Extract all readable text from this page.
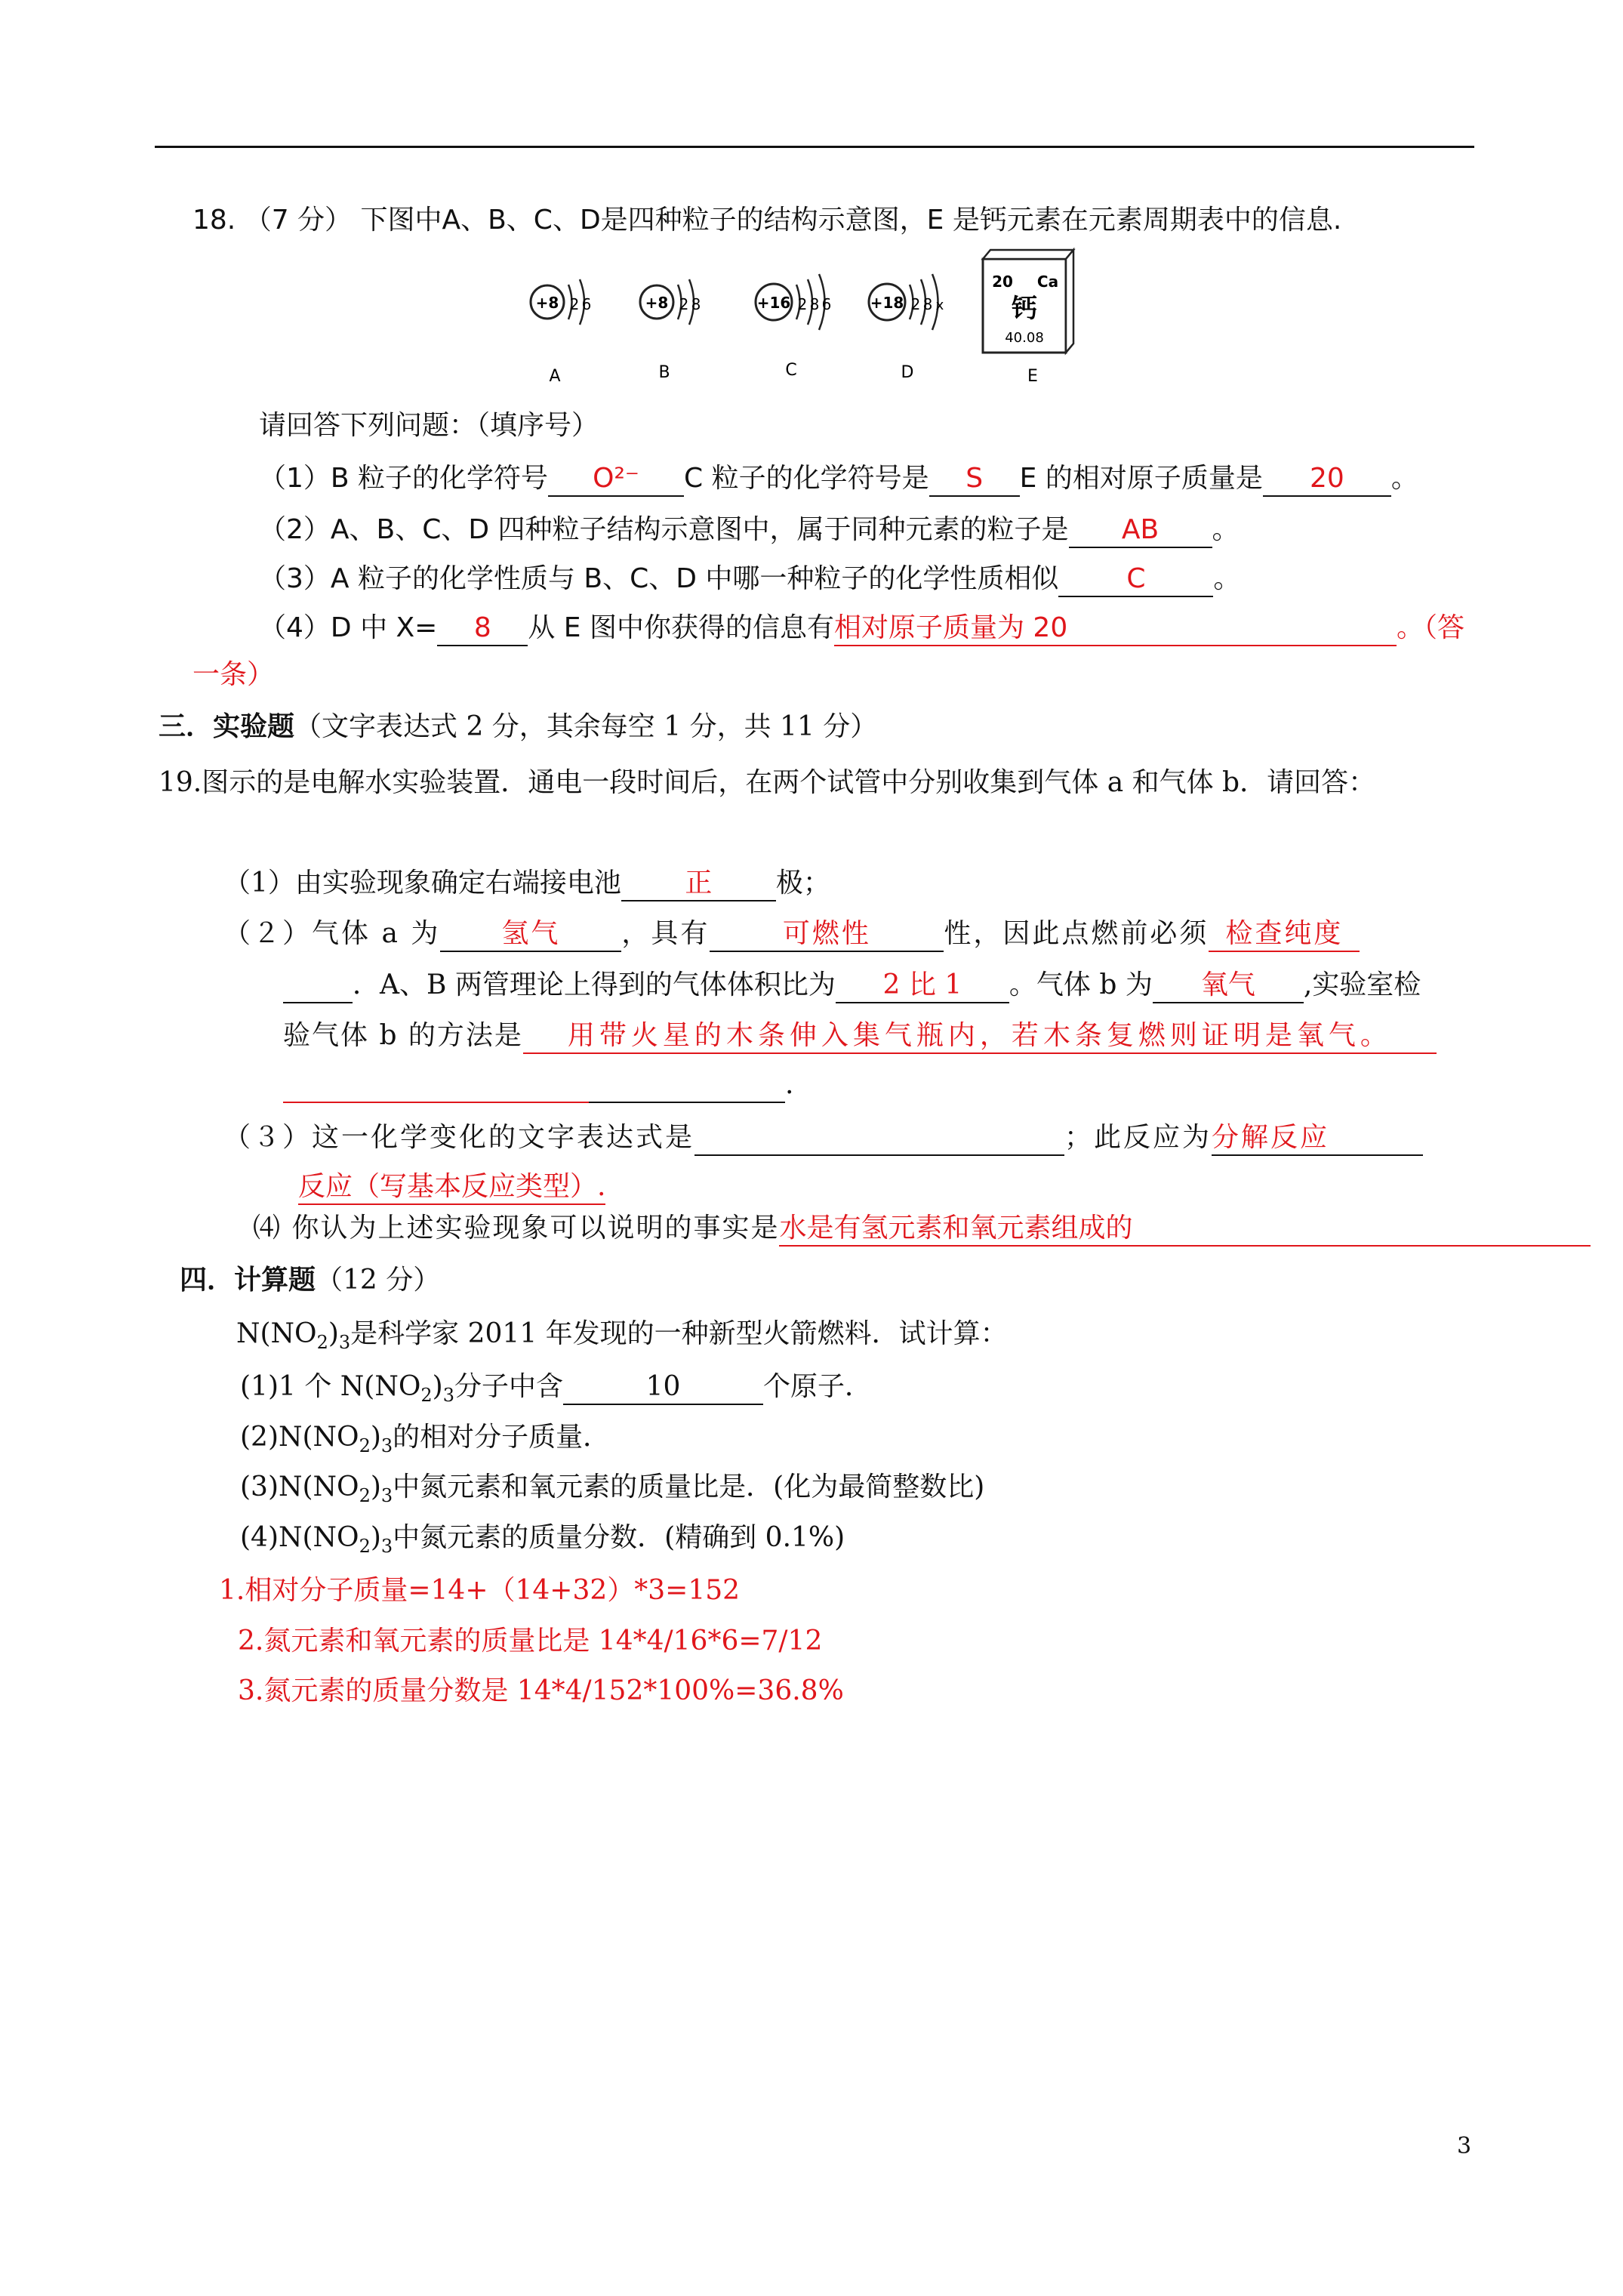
18. （7 分） 下图中A、B、C、D是四种粒子的结构示意图，E 是钙元素在元素周期表中的信息.
+8 2 6
A
+8 2 8
B
+16 2 8 6
C
+18 2 8 x
D
20 Ca
钙
40.08
E
请回答下列问题：（填序号）
（1）B 粒子的化学符号 O²⁻ C 粒子的化学符号是 S E 的相对原子质量是 20 。
（2）A、B、C、D 四种粒子结构示意图中，属于同种元素的粒子是 AB 。
（3）A 粒子的化学性质与 B、C、D 中哪一种粒子的化学性质相似 C 。
（4）D 中 X= 8 从 E 图中你获得的信息有相对原子质量为 20	。（答
一条）
三．实验题（文字表达式 2 分，其余每空 1 分，共 11 分）
19.图示的是电解水实验装置．通电一段时间后，在两个试管中分别收集到气体 a 和气体 b．请回答：
（1）由实验现象确定右端接电池 正 极；
（２）气体 a 为 氢气 ，具有	可燃性	性，因此点燃前必须 检查纯度
．A、B 两管理论上得到的气体体积比为 2 比 1 。气体 b 为 氧气 ,实验室检
验气体 b 的方法是 用带火星的木条伸入集气瓶内，若木条复燃则证明是氧气。
.
（３）这一化学变化的文字表达式是	；此反应为分解反应
反应（写基本反应类型）.
⑷ 你认为上述实验现象可以说明的事实是水是有氢元素和氧元素组成的
四．计算题（12 分）
$N(NO_2)_3$是科学家 2011 年发现的一种新型火箭燃料．试计算：
(1)1 个 $N(NO_2)_3$分子中含	10	个原子．
$(2)N(NO_2)_3$的相对分子质量．
$(3)N(NO_2)_3$中氮元素和氧元素的质量比是．(化为最简整数比)
$(4)N(NO_2)_3$中氮元素的质量分数．(精确到 0.1%)
1.相对分子质量=14+（14+32）*3=152
2.氮元素和氧元素的质量比是 14*4/16*6=7/12
3.氮元素的质量分数是 14*4/152*100%=36.8%
3
